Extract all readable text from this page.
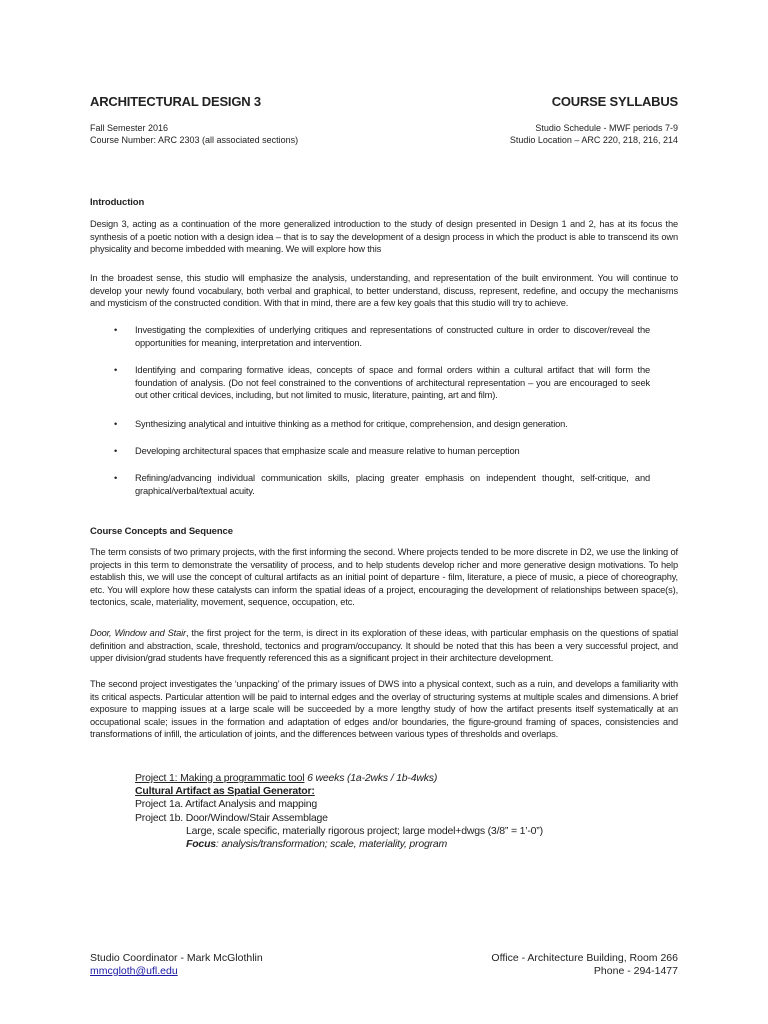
ARCHITECTURAL DESIGN 3	COURSE SYLLABUS
Fall Semester 2016
Course Number: ARC 2303 (all associated sections)
Studio Schedule - MWF periods 7-9
Studio Location – ARC 220, 218, 216, 214
Introduction
Design 3, acting as a continuation of the more generalized introduction to the study of design presented in Design 1 and 2, has at its focus the synthesis of a poetic notion with a design idea – that is to say the development of a design process in which the product is able to transcend its own physicality and become imbedded with meaning. We will explore how this
In the broadest sense, this studio will emphasize the analysis, understanding, and representation of the built environment. You will continue to develop your newly found vocabulary, both verbal and graphical, to better understand, discuss, represent, redefine, and occupy the mechanisms and mysticism of the constructed condition. With that in mind, there are a few key goals that this studio will try to achieve.
• Investigating the complexities of underlying critiques and representations of constructed culture in order to discover/reveal the opportunities for meaning, interpretation and intervention.
• Identifying and comparing formative ideas, concepts of space and formal orders within a cultural artifact that will form the foundation of analysis. (Do not feel constrained to the conventions of architectural representation – you are encouraged to seek out other critical devices, including, but not limited to music, literature, painting, art and film).
• Synthesizing analytical and intuitive thinking as a method for critique, comprehension, and design generation.
• Developing architectural spaces that emphasize scale and measure relative to human perception
• Refining/advancing individual communication skills, placing greater emphasis on independent thought, self-critique, and graphical/verbal/textual acuity.
Course Concepts and Sequence
The term consists of two primary projects, with the first informing the second. Where projects tended to be more discrete in D2, we use the linking of projects in this term to demonstrate the versatility of process, and to help students develop richer and more generative design motivations. To help establish this, we will use the concept of cultural artifacts as an initial point of departure - film, literature, a piece of music, a piece of choreography, etc. You will explore how these catalysts can inform the spatial ideas of a project, encouraging the development of relationships between space(s), tectonics, scale, materiality, movement, sequence, occupation, etc.
Door, Window and Stair, the first project for the term, is direct in its exploration of these ideas, with particular emphasis on the questions of spatial definition and abstraction, scale, threshold, tectonics and program/occupancy. It should be noted that this has been a very successful project, and upper division/grad students have frequently referenced this as a significant project in their architecture development.
The second project investigates the ‘unpacking’ of the primary issues of DWS into a physical context, such as a ruin, and develops a familiarity with its critical aspects. Particular attention will be paid to internal edges and the overlay of structuring systems at multiple scales and dimensions. A brief exposure to mapping issues at a large scale will be succeeded by a more lengthy study of how the artifact presents itself systematically at an occupational scale; issues in the formation and adaptation of edges and/or boundaries, the figure-ground framing of spaces, consistencies and transformations of infill, the articulation of joints, and the differences between various types of thresholds and overlaps.
Project 1: Making a programmatic tool 6 weeks (1a-2wks / 1b-4wks)
Cultural Artifact as Spatial Generator:
Project 1a. Artifact Analysis and mapping
Project 1b. Door/Window/Stair Assemblage
Large, scale specific, materially rigorous project; large model+dwgs (3/8” = 1’-0”)
Focus: analysis/transformation; scale, materiality, program
Studio Coordinator - Mark McGlothlin
mmcgloth@ufl.edu
Office - Architecture Building, Room 266
Phone - 294-1477
